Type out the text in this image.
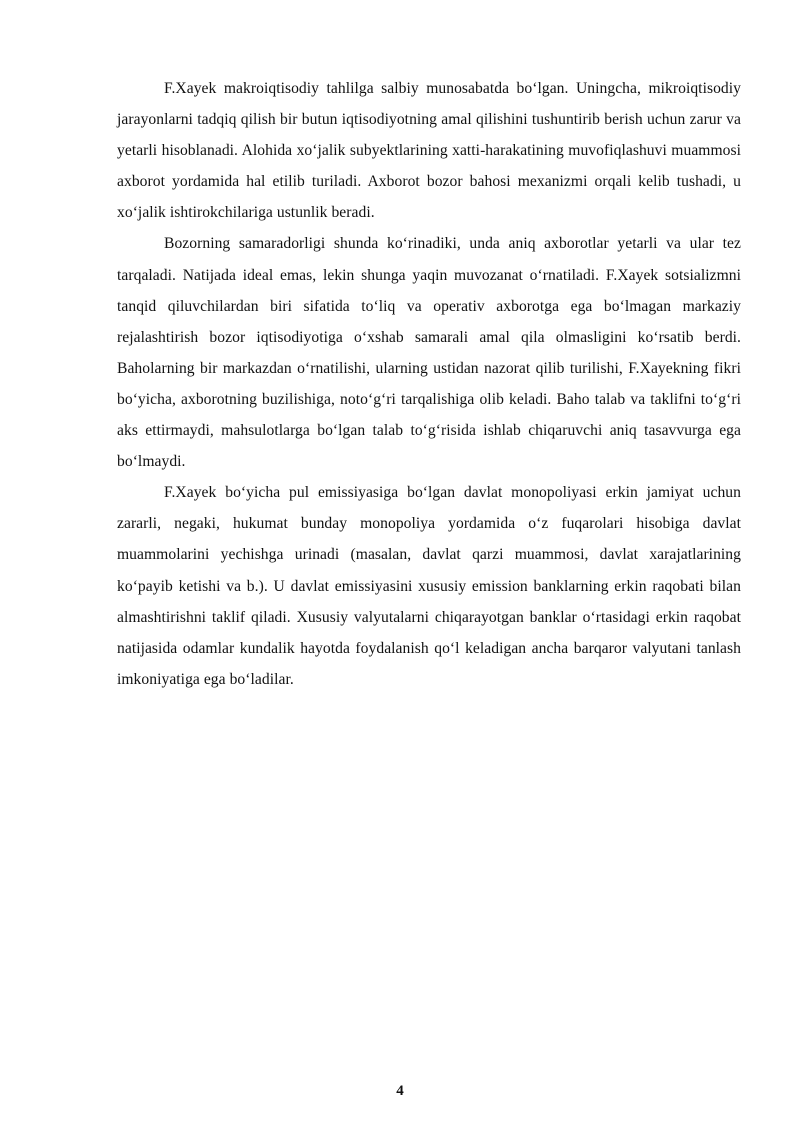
F.Xayek makroiqtisodiy tahlilga salbiy munosabatda bo‘lgan. Uningcha, mikroiqtisodiy jarayonlarni tadqiq qilish bir butun iqtisodiyotning amal qilishini tushuntirib berish uchun zarur va yetarli hisoblanadi. Alohida xo‘jalik subyektlarining xatti-harakatining muvofiqlashuvi muammosi axborot yordamida hal etilib turiladi. Axborot bozor bahosi mexanizmi orqali kelib tushadi, u xo‘jalik ishtirokchilariga ustunlik beradi.

Bozorning samaradorligi shunda ko‘rinadiki, unda aniq axborotlar yetarli va ular tez tarqaladi. Natijada ideal emas, lekin shunga yaqin muvozanat o‘rnatiladi. F.Xayek sotsializmni tanqid qiluvchilardan biri sifatida to‘liq va operativ axborotga ega bo‘lmagan markaziy rejalashtirish bozor iqtisodiyotiga o‘xshab samarali amal qila olmasligini ko‘rsatib berdi. Baholarning bir markazdan o‘rnatilishi, ularning ustidan nazorat qilib turilishi, F.Xayekning fikri bo‘yicha, axborotning buzilishiga, noto‘g‘ri tarqalishiga olib keladi. Baho talab va taklifni to‘g‘ri aks ettirmaydi, mahsulotlarga bo‘lgan talab to‘g‘risida ishlab chiqaruvchi aniq tasavvurga ega bo‘lmaydi.

F.Xayek bo‘yicha pul emissiyasiga bo‘lgan davlat monopoliyasi erkin jamiyat uchun zararli, negaki, hukumat bunday monopoliya yordamida o‘z fuqarolari hisobiga davlat muammolarini yechishga urinadi (masalan, davlat qarzi muammosi, davlat xarajatlarining ko‘payib ketishi va b.). U davlat emissiyasini xususiy emission banklarning erkin raqobati bilan almashtirishni taklif qiladi. Xususiy valyutalarni chiqarayotgan banklar o‘rtasidagi erkin raqobat natijasida odamlar kundalik hayotda foydalanish qo‘l keladigan ancha barqaror valyutani tanlash imkoniyatiga ega bo‘ladilar.

4
